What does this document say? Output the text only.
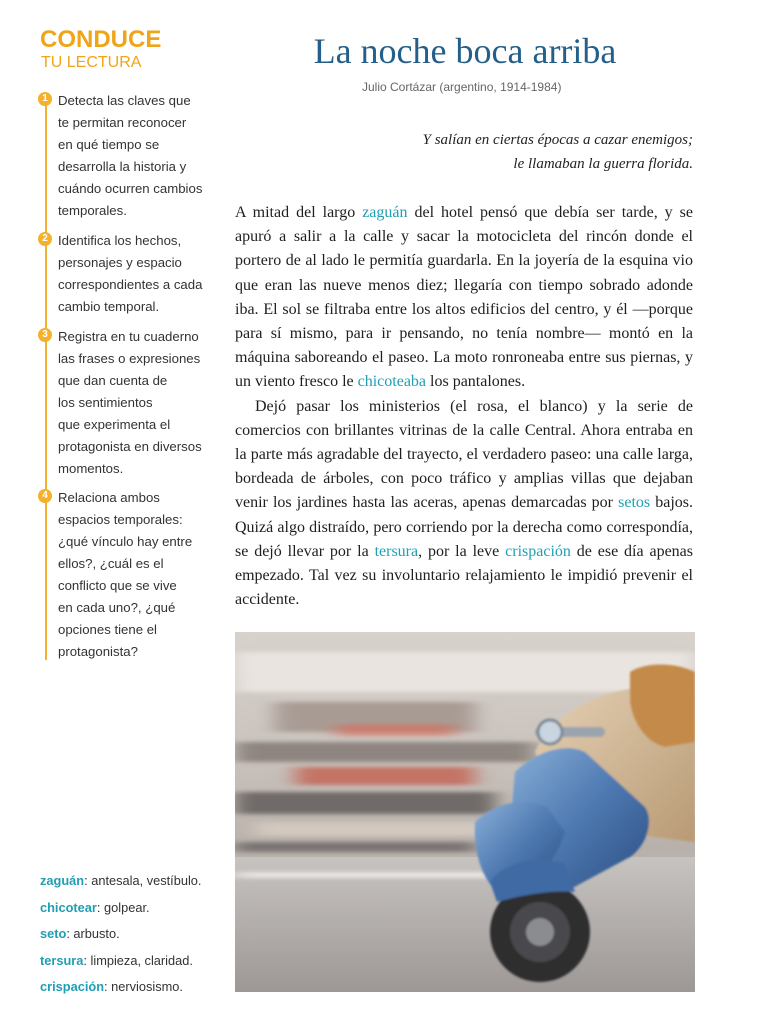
CONDUCE
TU LECTURA
1 Detecta las claves que
te permitan reconocer
en qué tiempo se
desarrolla la historia y
cuándo ocurren cambios
temporales.
2 Identifica los hechos,
personajes y espacio
correspondientes a cada
cambio temporal.
3 Registra en tu cuaderno
las frases o expresiones
que dan cuenta de
los sentimientos
que experimenta el
protagonista en diversos
momentos.
4 Relaciona ambos
espacios temporales:
¿qué vínculo hay entre
ellos?, ¿cuál es el
conflicto que se vive
en cada uno?, ¿qué
opciones tiene el
protagonista?
zaguán: antesala, vestíbulo.
chicotear: golpear.
seto: arbusto.
tersura: limpieza, claridad.
crispación: nerviosismo.
La noche boca arriba
Julio Cortázar (argentino, 1914-1984)
Y salían en ciertas épocas a cazar enemigos;
le llamaban la guerra florida.

A mitad del largo zaguán del hotel pensó que debía ser tarde, y se apuró a salir a la calle y sacar la motocicleta del rincón donde el portero de al lado le permitía guardarla. En la joyería de la esquina vio que eran las nueve menos diez; llegaría con tiempo sobrado adonde iba. El sol se filtraba entre los altos edificios del centro, y él —porque para sí mismo, para ir pensando, no tenía nombre— montó en la máquina saboreando el paseo. La moto ronroneaba entre sus piernas, y un viento fresco le chicoteaba los pantalones.

Dejó pasar los ministerios (el rosa, el blanco) y la serie de comercios con brillantes vitrinas de la calle Central. Ahora entraba en la parte más agradable del trayecto, el verdadero paseo: una calle larga, bordeada de árboles, con poco tráfico y amplias villas que dejaban venir los jardines hasta las aceras, apenas demarcadas por setos bajos. Quizá algo distraído, pero corriendo por la derecha como correspondía, se dejó llevar por la tersura, por la leve crispación de ese día apenas empezado. Tal vez su involuntario relajamiento le impidió prevenir el accidente.
